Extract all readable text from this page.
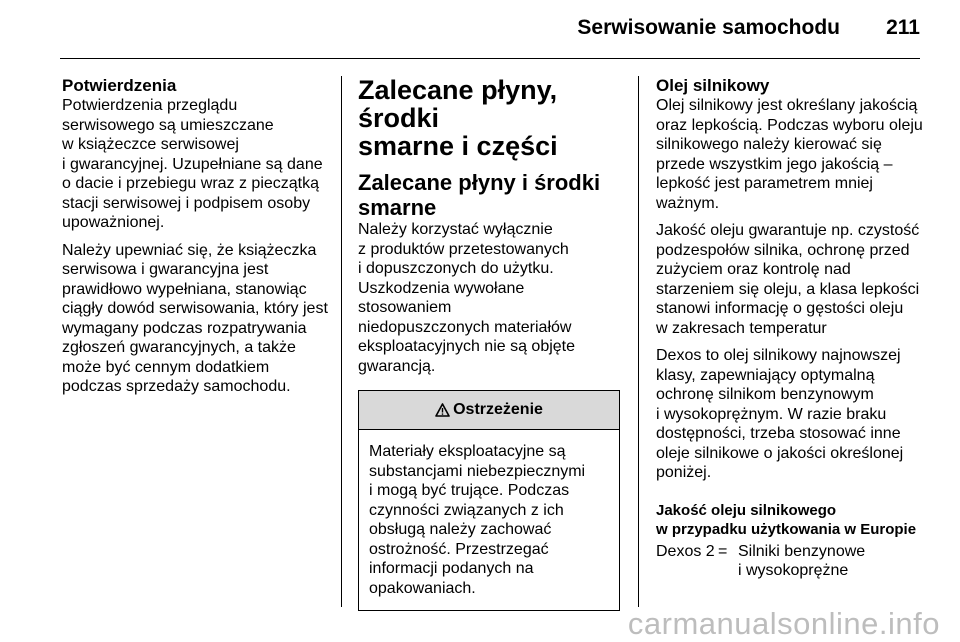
Serwisowanie samochodu 211
Potwierdzenia

Potwierdzenia przeglądu
serwisowego są umieszczane
w książeczce serwisowej
i gwarancyjnej. Uzupełniane są dane
o dacie i przebiegu wraz z pieczątką
stacji serwisowej i podpisem osoby
upoważnionej.

Należy upewniać się, że książeczka
serwisowa i gwarancyjna jest
prawidłowo wypełniana, stanowiąc
ciągły dowód serwisowania, który jest
wymagany podczas rozpatrywania
zgłoszeń gwarancyjnych, a także
może być cennym dodatkiem
podczas sprzedaży samochodu.

Zalecane płyny, środki
smarne i części
Zalecane płyny i środki
smarne

Należy korzystać wyłącznie
z produktów przetestowanych
i dopuszczonych do użytku.
Uszkodzenia wywołane stosowaniem
niedopuszczonych materiałów
eksploatacyjnych nie są objęte
gwarancją.

Ostrzeżenie

Materiały eksploatacyjne są
substancjami niebezpiecznymi
i mogą być trujące. Podczas
czynności związanych z ich
obsługą należy zachować
ostrożność. Przestrzegać
informacji podanych na
opakowaniach.

Olej silnikowy

Olej silnikowy jest określany jakością
oraz lepkością. Podczas wyboru oleju
silnikowego należy kierować się
przede wszystkim jego jakością –
lepkość jest parametrem mniej
ważnym.

Jakość oleju gwarantuje np. czystość
podzespołów silnika, ochronę przed
zużyciem oraz kontrolę nad
starzeniem się oleju, a klasa lepkości
stanowi informację o gęstości oleju
w zakresach temperatur

Dexos to olej silnikowy najnowszej
klasy, zapewniający optymalną
ochronę silnikom benzynowym
i wysokoprężnym. W razie braku
dostępności, trzeba stosować inne
oleje silnikowe o jakości określonej
poniżej.

Jakość oleju silnikowego
w przypadku użytkowania w Europie
Dexos 2 = Silniki benzynowe
i wysokoprężne
carmanualsonline.info
